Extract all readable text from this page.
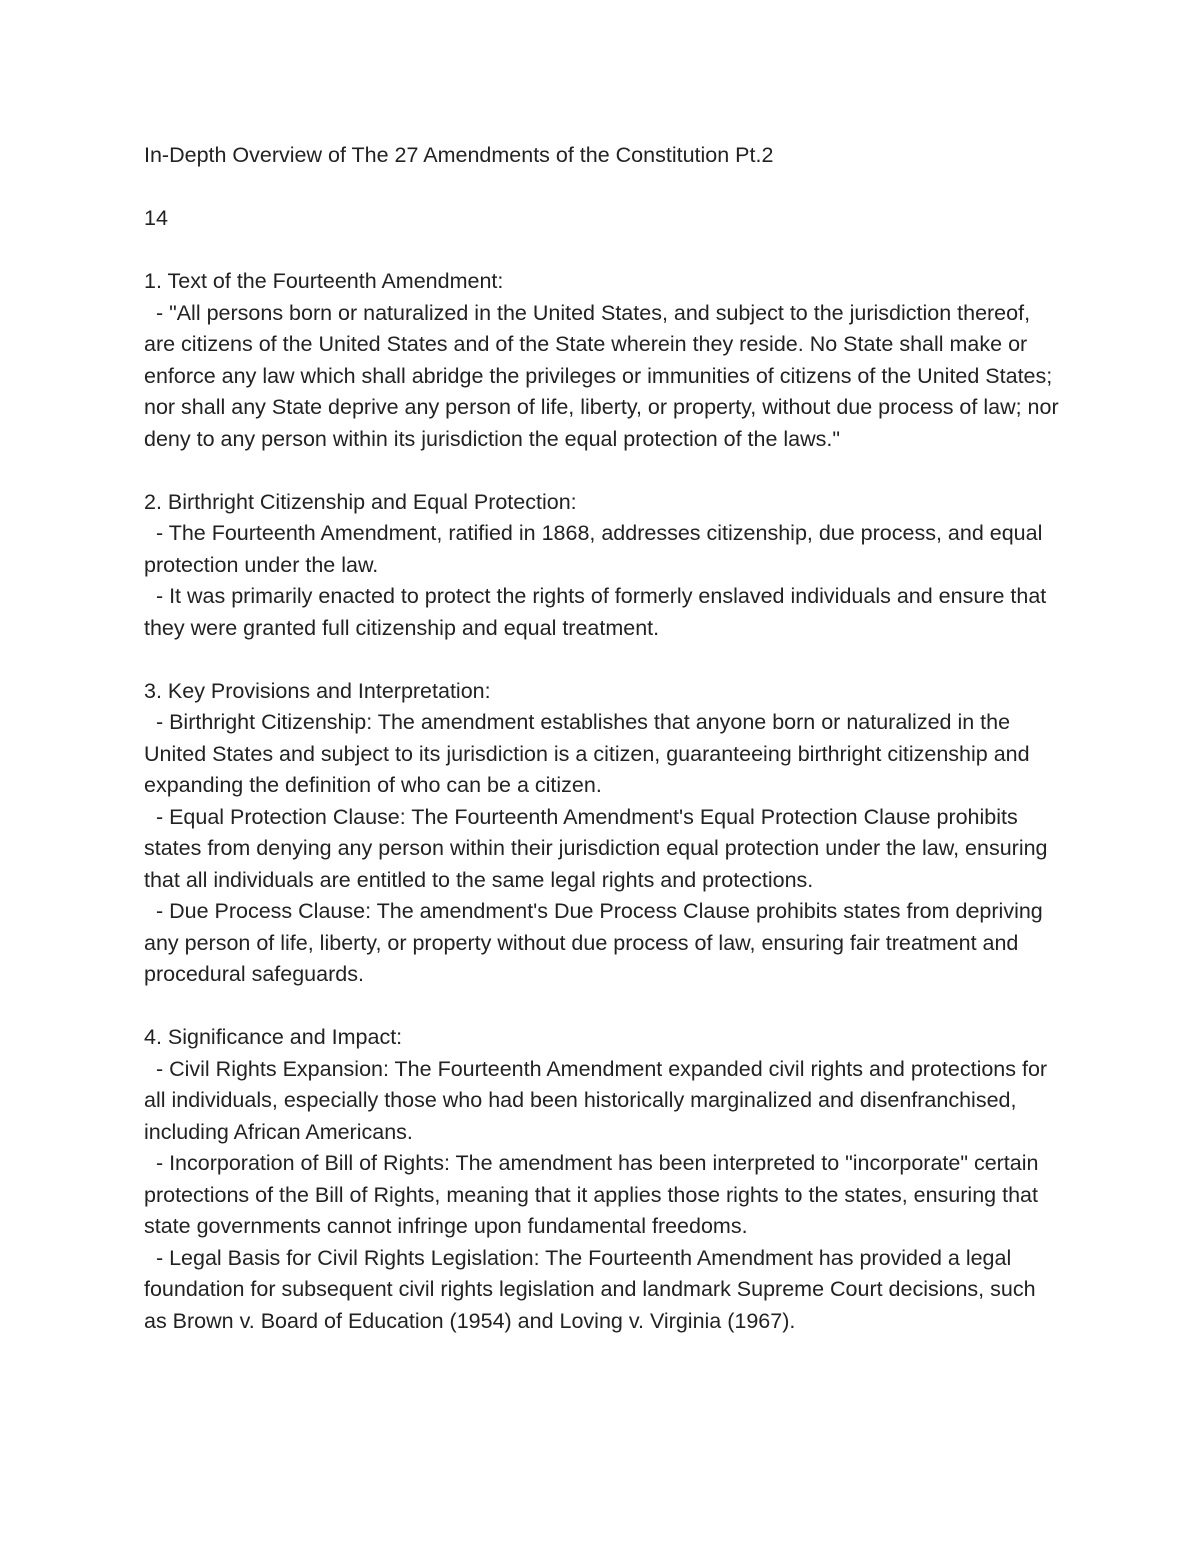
In-Depth Overview of The 27 Amendments of the Constitution Pt.2

14

1. Text of the Fourteenth Amendment:

- "All persons born or naturalized in the United States, and subject to the jurisdiction thereof, are citizens of the United States and of the State wherein they reside. No State shall make or enforce any law which shall abridge the privileges or immunities of citizens of the United States; nor shall any State deprive any person of life, liberty, or property, without due process of law; nor deny to any person within its jurisdiction the equal protection of the laws."

2. Birthright Citizenship and Equal Protection:

- The Fourteenth Amendment, ratified in 1868, addresses citizenship, due process, and equal protection under the law.

- It was primarily enacted to protect the rights of formerly enslaved individuals and ensure that they were granted full citizenship and equal treatment.

3. Key Provisions and Interpretation:

- Birthright Citizenship: The amendment establishes that anyone born or naturalized in the United States and subject to its jurisdiction is a citizen, guaranteeing birthright citizenship and expanding the definition of who can be a citizen.

- Equal Protection Clause: The Fourteenth Amendment's Equal Protection Clause prohibits states from denying any person within their jurisdiction equal protection under the law, ensuring that all individuals are entitled to the same legal rights and protections.

- Due Process Clause: The amendment's Due Process Clause prohibits states from depriving any person of life, liberty, or property without due process of law, ensuring fair treatment and procedural safeguards.

4. Significance and Impact:

- Civil Rights Expansion: The Fourteenth Amendment expanded civil rights and protections for all individuals, especially those who had been historically marginalized and disenfranchised, including African Americans.

- Incorporation of Bill of Rights: The amendment has been interpreted to "incorporate" certain protections of the Bill of Rights, meaning that it applies those rights to the states, ensuring that state governments cannot infringe upon fundamental freedoms.

- Legal Basis for Civil Rights Legislation: The Fourteenth Amendment has provided a legal foundation for subsequent civil rights legislation and landmark Supreme Court decisions, such as Brown v. Board of Education (1954) and Loving v. Virginia (1967).
